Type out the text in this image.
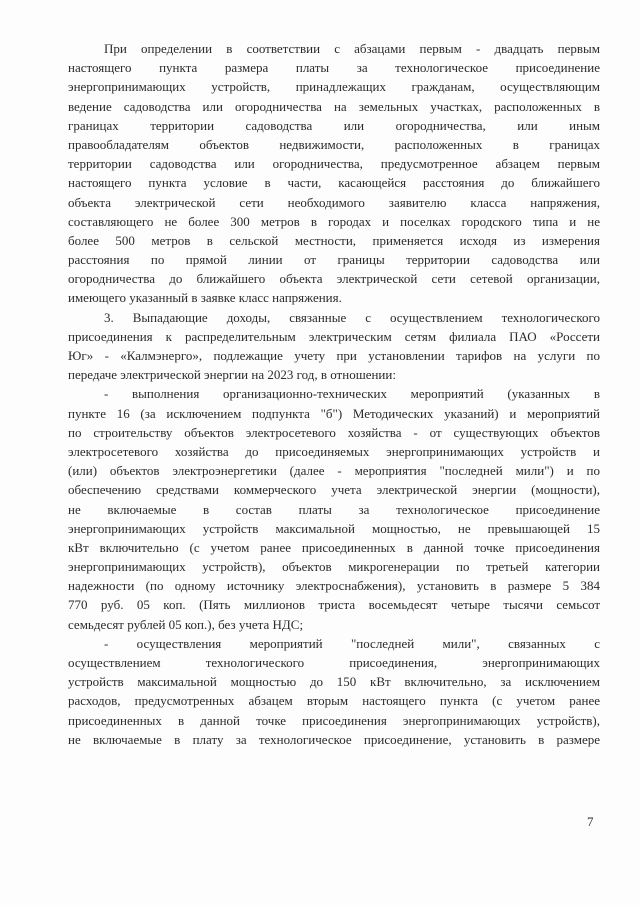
При определении в соответствии с абзацами первым - двадцать первым
настоящего пункта размера платы за технологическое присоединение
энергопринимающих устройств, принадлежащих гражданам, осуществляющим
ведение садоводства или огородничества на земельных участках, расположенных в
границах территории садоводства или огородничества, или иным
правообладателям объектов недвижимости, расположенных в границах
территории садоводства или огородничества, предусмотренное абзацем первым
настоящего пункта условие в части, касающейся расстояния до ближайшего
объекта электрической сети необходимого заявителю класса напряжения,
составляющего не более 300 метров в городах и поселках городского типа и не
более 500 метров в сельской местности, применяется исходя из измерения
расстояния по прямой линии от границы территории садоводства или
огородничества до ближайшего объекта электрической сети сетевой организации,
имеющего указанный в заявке класс напряжения.
3. Выпадающие доходы, связанные с осуществлением технологического
присоединения к распределительным электрическим сетям филиала ПАО «Россети
Юг» - «Калмэнерго», подлежащие учету при установлении тарифов на услуги по
передаче электрической энергии на 2023 год, в отношении:
- выполнения организационно-технических мероприятий (указанных в
пункте 16 (за исключением подпункта "б") Методических указаний) и мероприятий
по строительству объектов электросетевого хозяйства - от существующих объектов
электросетевого хозяйства до присоединяемых энергопринимающих устройств и
(или) объектов электроэнергетики (далее - мероприятия "последней мили") и по
обеспечению средствами коммерческого учета электрической энергии (мощности),
не включаемые в состав платы за технологическое присоединение
энергопринимающих устройств максимальной мощностью, не превышающей 15
кВт включительно (с учетом ранее присоединенных в данной точке присоединения
энергопринимающих устройств), объектов микрогенерации по третьей категории
надежности (по одному источнику электроснабжения), установить в размере 5 384
770 руб. 05 коп. (Пять миллионов триста восемьдесят четыре тысячи семьсот
семьдесят рублей 05 коп.), без учета НДС;
- осуществления мероприятий "последней мили", связанных с
осуществлением технологического присоединения, энергопринимающих
устройств максимальной мощностью до 150 кВт включительно, за исключением
расходов, предусмотренных абзацем вторым настоящего пункта (с учетом ранее
присоединенных в данной точке присоединения энергопринимающих устройств),
не включаемые в плату за технологическое присоединение, установить в размере
7
